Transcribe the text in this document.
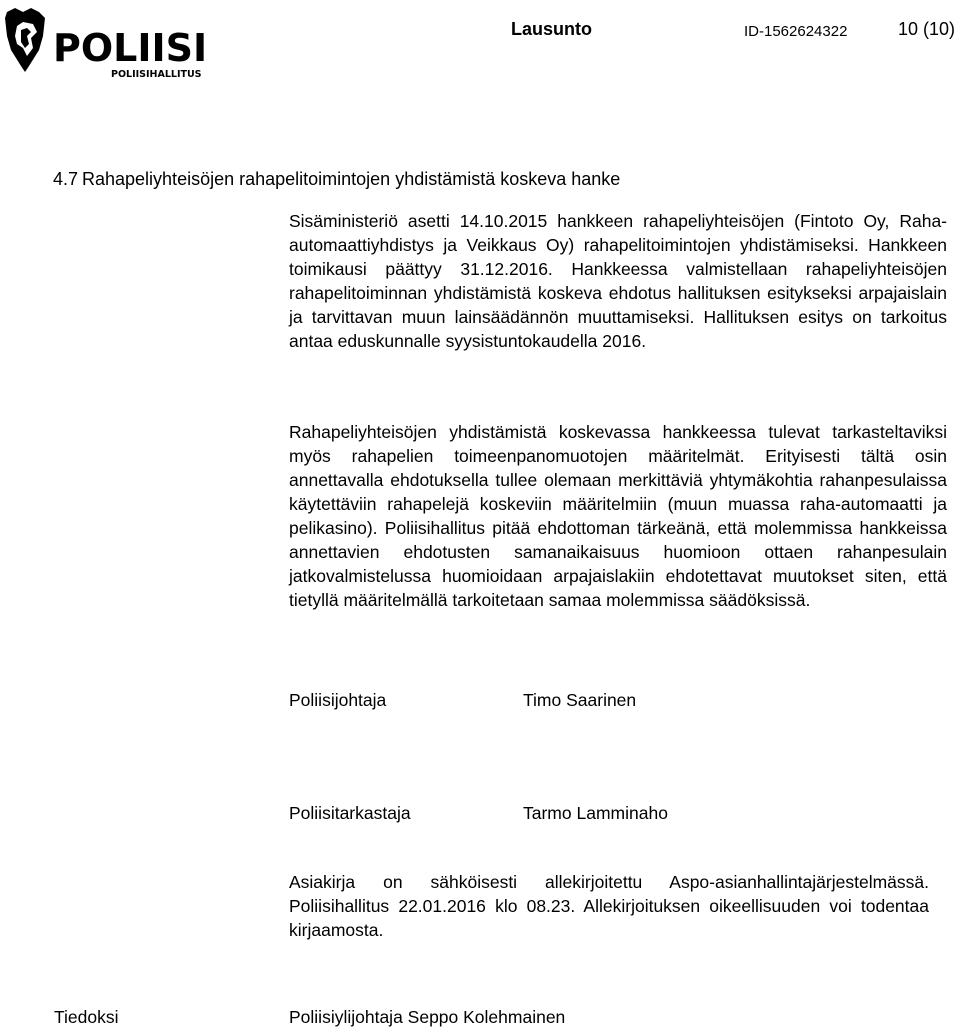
POLIISI
POLIISIHALLITUS
Lausunto	ID-1562624322	10 (10)
4.7 Rahapeliyhteisöjen rahapelitoimintojen yhdistämistä koskeva hanke

Sisäministeriö asetti 14.10.2015 hankkeen rahapeliyhteisöjen (Fintoto Oy, Raha-automaattiyhdistys ja Veikkaus Oy) rahapelitoimintojen yhdistämiseksi. Hankkeen toimikausi päättyy 31.12.2016. Hankkeessa valmistellaan rahapeliyhteisöjen rahapelitoiminnan yhdistämistä koskeva ehdotus hallituksen esitykseksi arpajaislain ja tarvittavan muun lainsäädännön muuttamiseksi. Hallituksen esitys on tarkoitus antaa eduskunnalle syysistuntokaudella 2016.

Rahapeliyhteisöjen yhdistämistä koskevassa hankkeessa tulevat tarkasteltaviksi myös rahapelien toimeenpanomuotojen määritelmät. Erityisesti tältä osin annettavalla ehdotuksella tullee olemaan merkittäviä yhtymäkohtia rahanpesulaissa käytettäviin rahapelejä koskeviin määritelmiin (muun muassa raha-automaatti ja pelikasino). Poliisihallitus pitää ehdottoman tärkeänä, että molemmissa hankkeissa annettavien ehdotusten samanaikaisuus huomioon ottaen rahanpesulain jatkovalmistelussa huomioidaan arpajaislakiin ehdotettavat muutokset siten, että tietyllä määritelmällä tarkoitetaan samaa molemmissa säädöksissä.

Poliisijohtaja	Timo Saarinen

Poliisitarkastaja	Tarmo Lamminaho

Asiakirja on sähköisesti allekirjoitettu Aspo-asianhallintajärjestelmässä. Poliisihallitus 22.01.2016 klo 08.23. Allekirjoituksen oikeellisuuden voi todentaa kirjaamosta.

Tiedoksi	Poliisiylijohtaja Seppo Kolehmainen
